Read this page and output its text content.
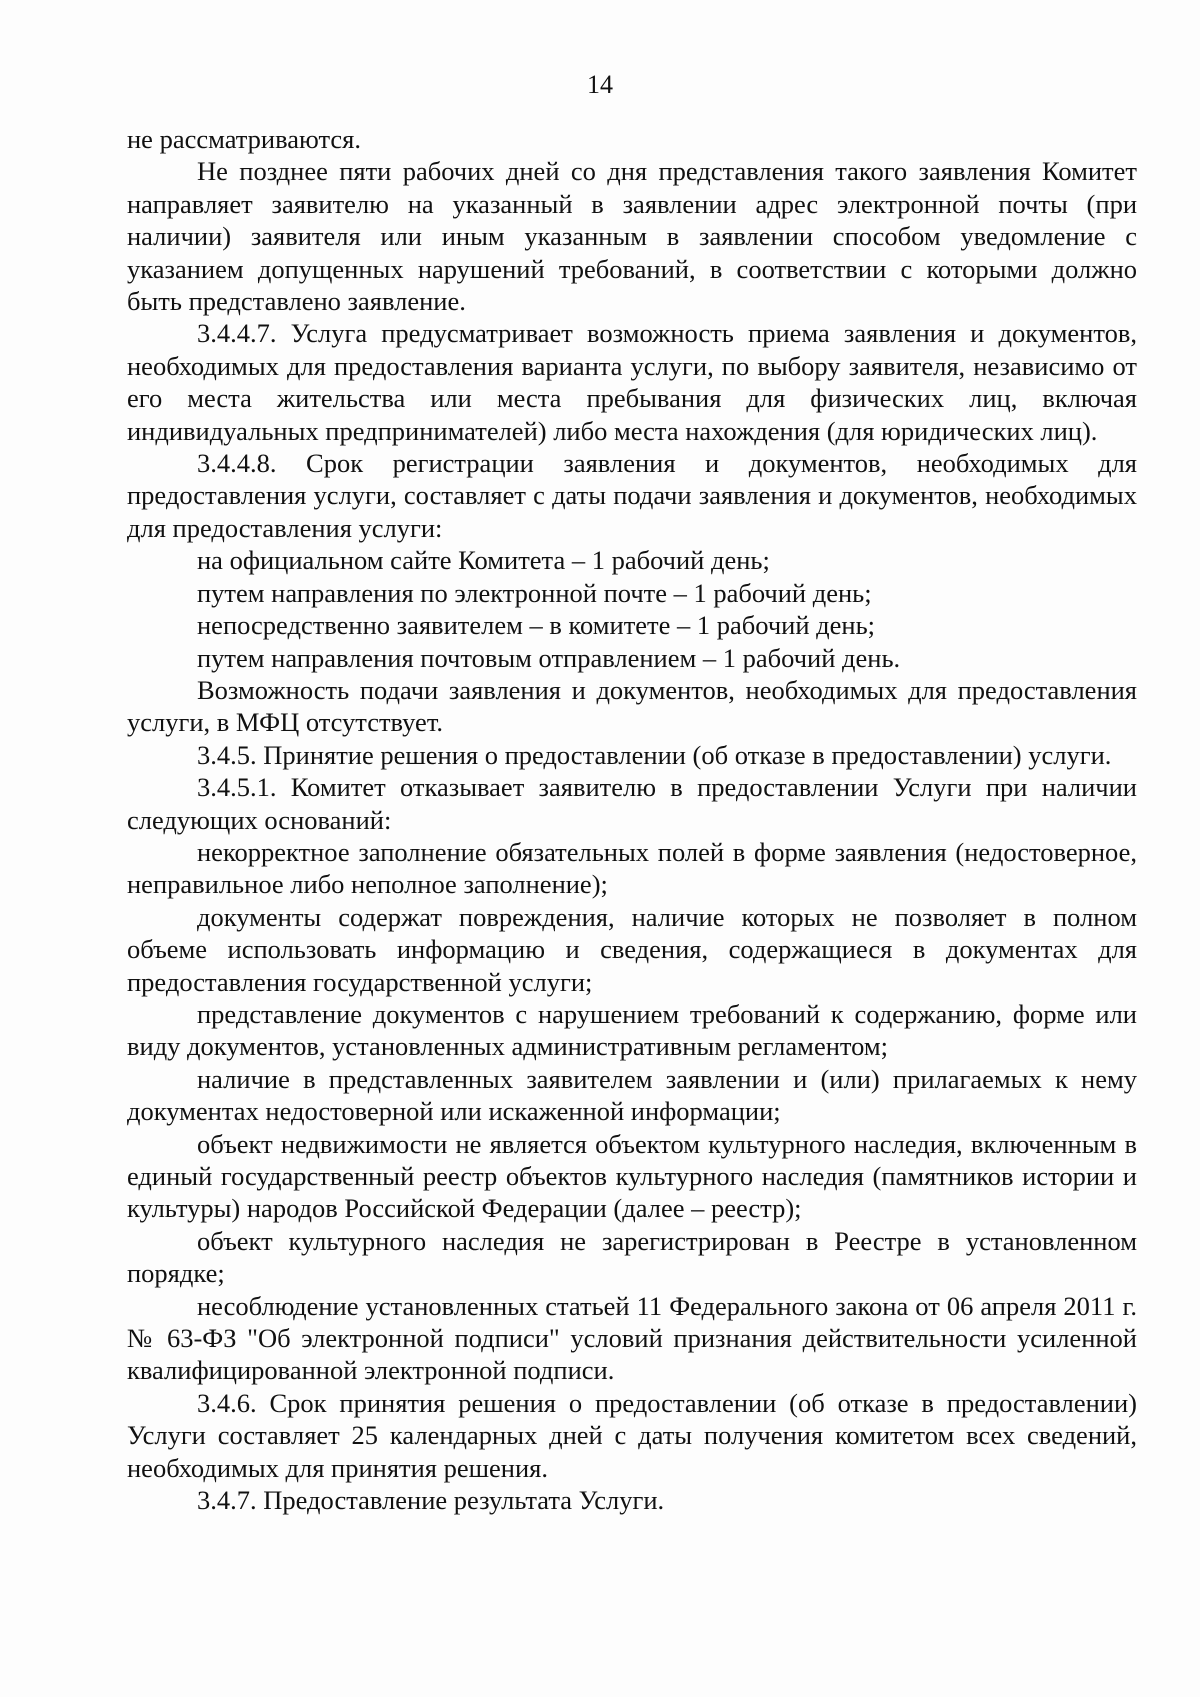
14

не рассматриваются.

Не позднее пяти рабочих дней со дня представления такого заявления Комитет направляет заявителю на указанный в заявлении адрес электронной почты (при наличии) заявителя или иным указанным в заявлении способом уведомление с указанием допущенных нарушений требований, в соответствии с которыми должно быть представлено заявление.

3.4.4.7. Услуга предусматривает возможность приема заявления и документов, необходимых для предоставления варианта услуги, по выбору заявителя, независимо от его места жительства или места пребывания для физических лиц, включая индивидуальных предпринимателей) либо места нахождения (для юридических лиц).

3.4.4.8. Срок регистрации заявления и документов, необходимых для предоставления услуги, составляет с даты подачи заявления и документов, необходимых для предоставления услуги:

на официальном сайте Комитета – 1 рабочий день;

путем направления по электронной почте – 1 рабочий день;

непосредственно заявителем – в комитете – 1 рабочий день;

путем направления почтовым отправлением – 1 рабочий день.

Возможность подачи заявления и документов, необходимых для предоставления услуги, в МФЦ отсутствует.

3.4.5. Принятие решения о предоставлении (об отказе в предоставлении) услуги.

3.4.5.1. Комитет отказывает заявителю в предоставлении Услуги при наличии следующих оснований:

некорректное заполнение обязательных полей в форме заявления (недостоверное, неправильное либо неполное заполнение);

документы содержат повреждения, наличие которых не позволяет в полном объеме использовать информацию и сведения, содержащиеся в документах для предоставления государственной услуги;

представление документов с нарушением требований к содержанию, форме или виду документов, установленных административным регламентом;

наличие в представленных заявителем заявлении и (или) прилагаемых к нему документах недостоверной или искаженной информации;

объект недвижимости не является объектом культурного наследия, включенным в единый государственный реестр объектов культурного наследия (памятников истории и культуры) народов Российской Федерации (далее – реестр);

объект культурного наследия не зарегистрирован в Реестре в установленном порядке;

несоблюдение установленных статьей 11 Федерального закона от 06 апреля 2011 г. № 63-ФЗ "Об электронной подписи" условий признания действительности усиленной квалифицированной электронной подписи.

3.4.6. Срок принятия решения о предоставлении (об отказе в предоставлении) Услуги составляет 25 календарных дней с даты получения комитетом всех сведений, необходимых для принятия решения.

3.4.7. Предоставление результата Услуги.
